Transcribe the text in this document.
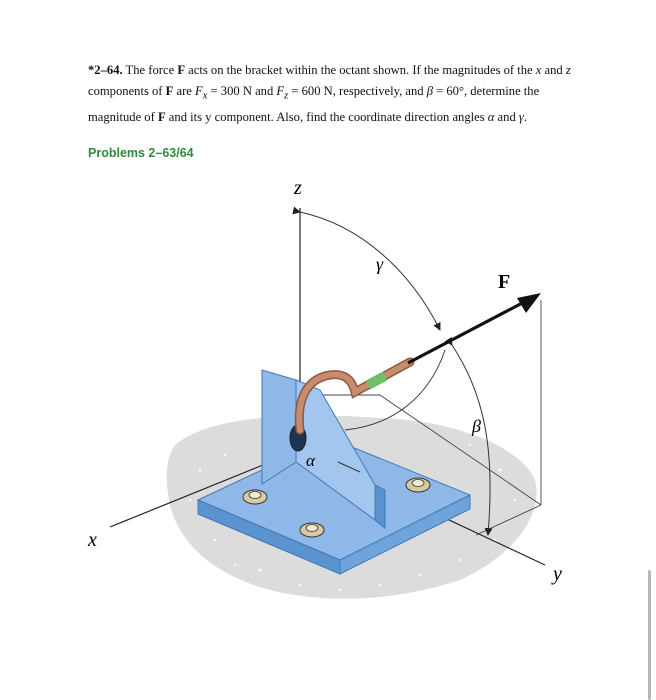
*2–64. The force F acts on the bracket within the octant shown. If the magnitudes of the x and z components of F are $F_x = 300$ N and $F_z = 600$ N, respectively, and β = 60°, determine the magnitude of F and its y component. Also, find the coordinate direction angles α and γ.
Problems 2–63/64
z
x
y
F
γ
β
α
